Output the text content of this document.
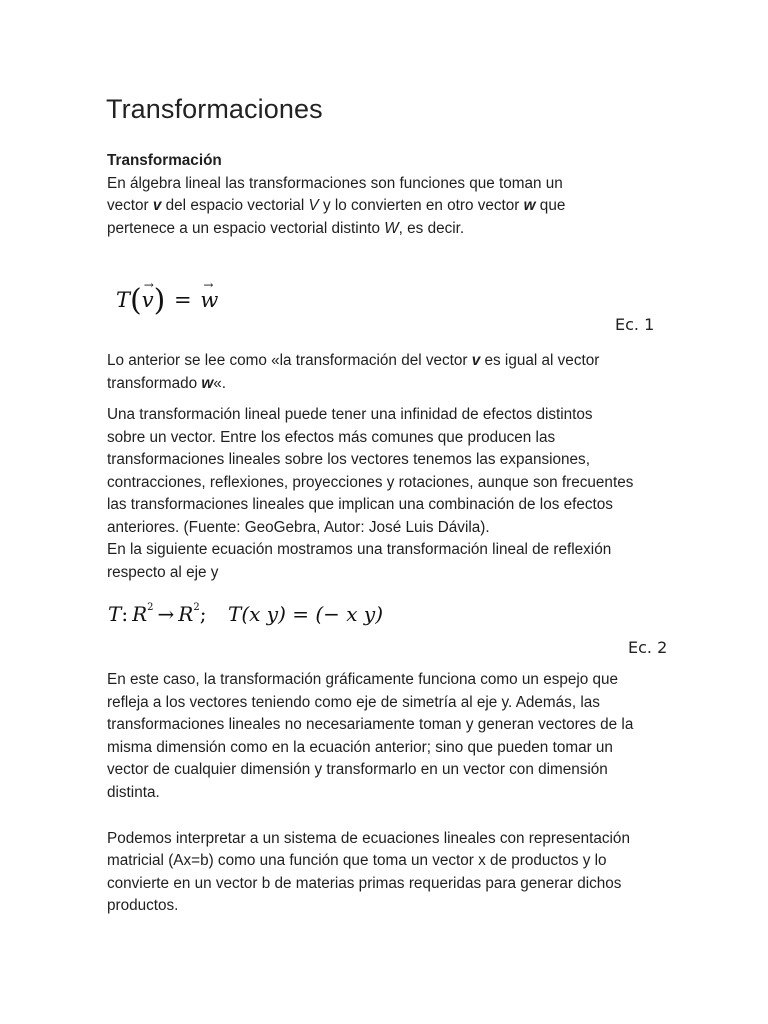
Transformaciones
Transformación
En álgebra lineal las transformaciones son funciones que toman un
vector v del espacio vectorial V y lo convierten en otro vector w que
pertenece a un espacio vectorial distinto W, es decir.
T(v
→ ) = w
→
Ec. 1
Lo anterior se lee como «la transformación del vector v es igual al vector
transformado w«.
Una transformación lineal puede tener una infinidad de efectos distintos
sobre un vector. Entre los efectos más comunes que producen las
transformaciones lineales sobre los vectores tenemos las expansiones,
contracciones, reflexiones, proyecciones y rotaciones, aunque son frecuentes
las transformaciones lineales que implican una combinación de los efectos
anteriores. (Fuente: GeoGebra, Autor: José Luis Dávila).
En la siguiente ecuación mostramos una transformación lineal de reflexión
respecto al eje y
T: $R^2 \to R^2$; T(x y) = (− x y)
Ec. 2
En este caso, la transformación gráficamente funciona como un espejo que
refleja a los vectores teniendo como eje de simetría al eje y. Además, las
transformaciones lineales no necesariamente toman y generan vectores de la
misma dimensión como en la ecuación anterior; sino que pueden tomar un
vector de cualquier dimensión y transformarlo en un vector con dimensión
distinta.
Podemos interpretar a un sistema de ecuaciones lineales con representación
matricial (Ax=b) como una función que toma un vector x de productos y lo
convierte en un vector b de materias primas requeridas para generar dichos
productos.
